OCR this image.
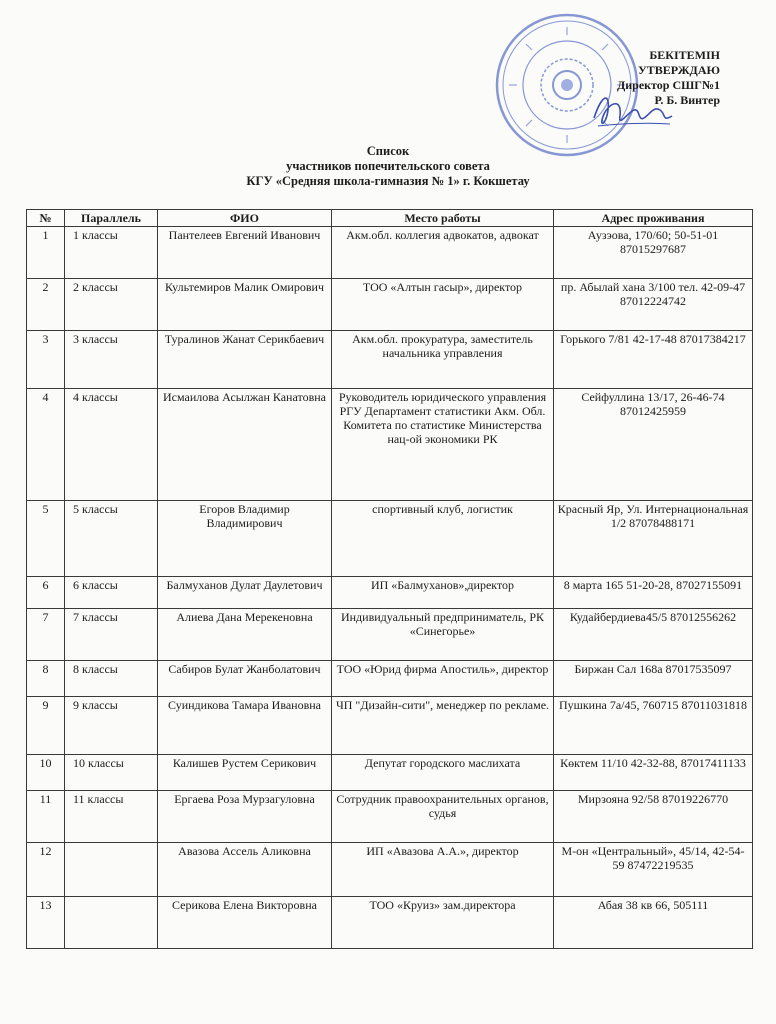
БЕКІТЕМІН
УТВЕРЖДАЮ
Директор СШГ№1
Р. Б. Винтер
Список
участников попечительского совета
КГУ «Средняя школа-гимназия № 1» г. Кокшетау
№	Параллель	ФИО	Место работы	Адрес проживания
1	1 классы	Пантелеев Евгений Иванович	Акм.обл. коллегия адвокатов, адвокат	Аузэова, 170/60; 50-51-01 87015297687
2	2 классы	Культемиров Малик Омирович	ТОО «Алтын гасыр», директор	пр. Абылай хана 3/100 тел. 42-09-47 87012224742
3	3 классы	Туралинов Жанат Серикбаевич	Акм.обл. прокуратура, заместитель начальника управления	Горького 7/81 42-17-48 87017384217
4	4 классы	Исмаилова Асылжан Канатовна	Руководитель юридического управления РГУ Департамент статистики Акм. Обл. Комитета по статистике Министерства нац-ой экономики РК	Сейфуллина 13/17, 26-46-74 87012425959
5	5 классы	Егоров Владимир Владимирович	спортивный клуб, логистик	Красный Яр, Ул. Интернациональная 1/2 87078488171
6	6 классы	Балмуханов Дулат Даулетович	ИП «Балмуханов»,директор	8 марта 165 51-20-28, 87027155091
7	7 классы	Алиева Дана Мерекеновна	Индивидуальный предприниматель, РК «Синегорье»	Кудайбердиева45/5 87012556262
8	8 классы	Сабиров Булат Жанболатович	ТОО «Юрид фирма Апостиль», директор	Биржан Сал 168а 87017535097
9	9 классы	Суиндикова Тамара Ивановна	ЧП "Дизайн-сити", менеджер по рекламе.	Пушкина 7а/45, 760715 87011031818
10	10 классы	Калишев Рустем Серикович	Депутат городского маслихата	Көктем 11/10 42-32-88, 87017411133
11	11 классы	Ергаева Роза Мурзагуловна	Сотрудник правоохранительных органов, судья	Мирзояна 92/58 87019226770
12		Авазова Ассель Аликовна	ИП «Авазова А.А.», директор	М-он «Центральный», 45/14, 42-54-59 87472219535
13		Серикова Елена Викторовна	ТОО «Круиз» зам.директора	Абая 38 кв 66, 505111
